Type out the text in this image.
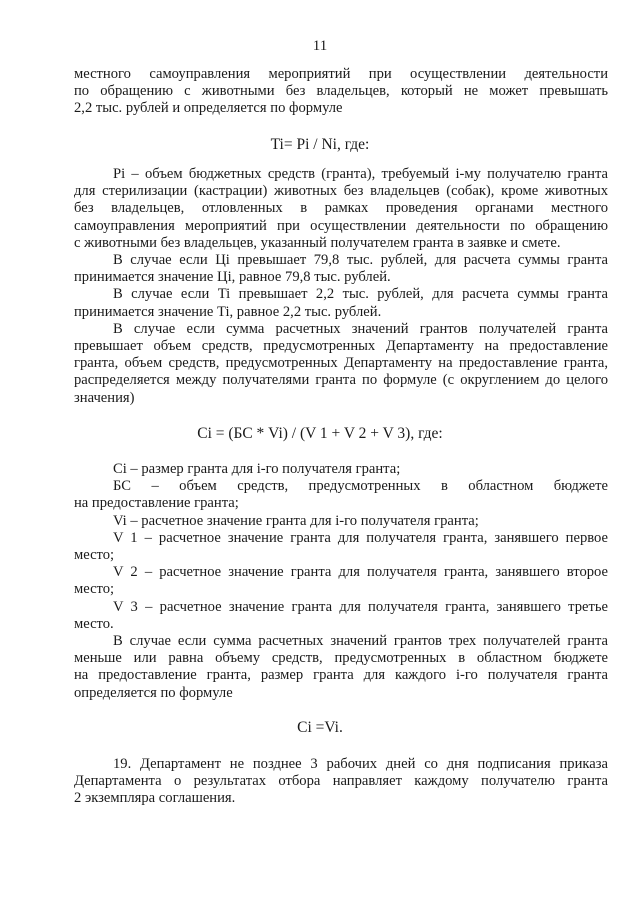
11

местного самоуправления мероприятий при осуществлении деятельности

по обращению с животными без владельцев, который не может превышать

2,2 тыс. рублей и определяется по формуле

Ti= Pi / Ni, где:

Pi – объем бюджетных средств (гранта), требуемый i-му получателю гранта

для стерилизации (кастрации) животных без владельцев (собак), кроме животных

без владельцев, отловленных в рамках проведения органами местного

самоуправления мероприятий при осуществлении деятельности по обращению

с животными без владельцев, указанный получателем гранта в заявке и смете.

В случае если Цi превышает 79,8 тыс. рублей, для расчета суммы гранта

принимается значение Цi, равное 79,8 тыс. рублей.

В случае если Ti превышает 2,2 тыс. рублей, для расчета суммы гранта

принимается значение Ti, равное 2,2 тыс. рублей.

В случае если сумма расчетных значений грантов получателей гранта

превышает объем средств, предусмотренных Департаменту на предоставление

гранта, объем средств, предусмотренных Департаменту на предоставление гранта,

распределяется между получателями гранта по формуле (с округлением до целого

значения)

Ci = (БС * Vi) / (V 1 + V 2 + V 3), где:

Ci – размер гранта для i-го получателя гранта;

БС – объем средств, предусмотренных в областном бюджете

на предоставление гранта;

Vi – расчетное значение гранта для i-го получателя гранта;

V 1 – расчетное значение гранта для получателя гранта, занявшего первое

место;

V 2 – расчетное значение гранта для получателя гранта, занявшего второе

место;

V 3 – расчетное значение гранта для получателя гранта, занявшего третье

место.

В случае если сумма расчетных значений грантов трех получателей гранта

меньше или равна объему средств, предусмотренных в областном бюджете

на предоставление гранта, размер гранта для каждого i-го получателя гранта

определяется по формуле

Ci =Vi.

19. Департамент не позднее 3 рабочих дней со дня подписания приказа

Департамента о результатах отбора направляет каждому получателю гранта

2 экземпляра соглашения.
